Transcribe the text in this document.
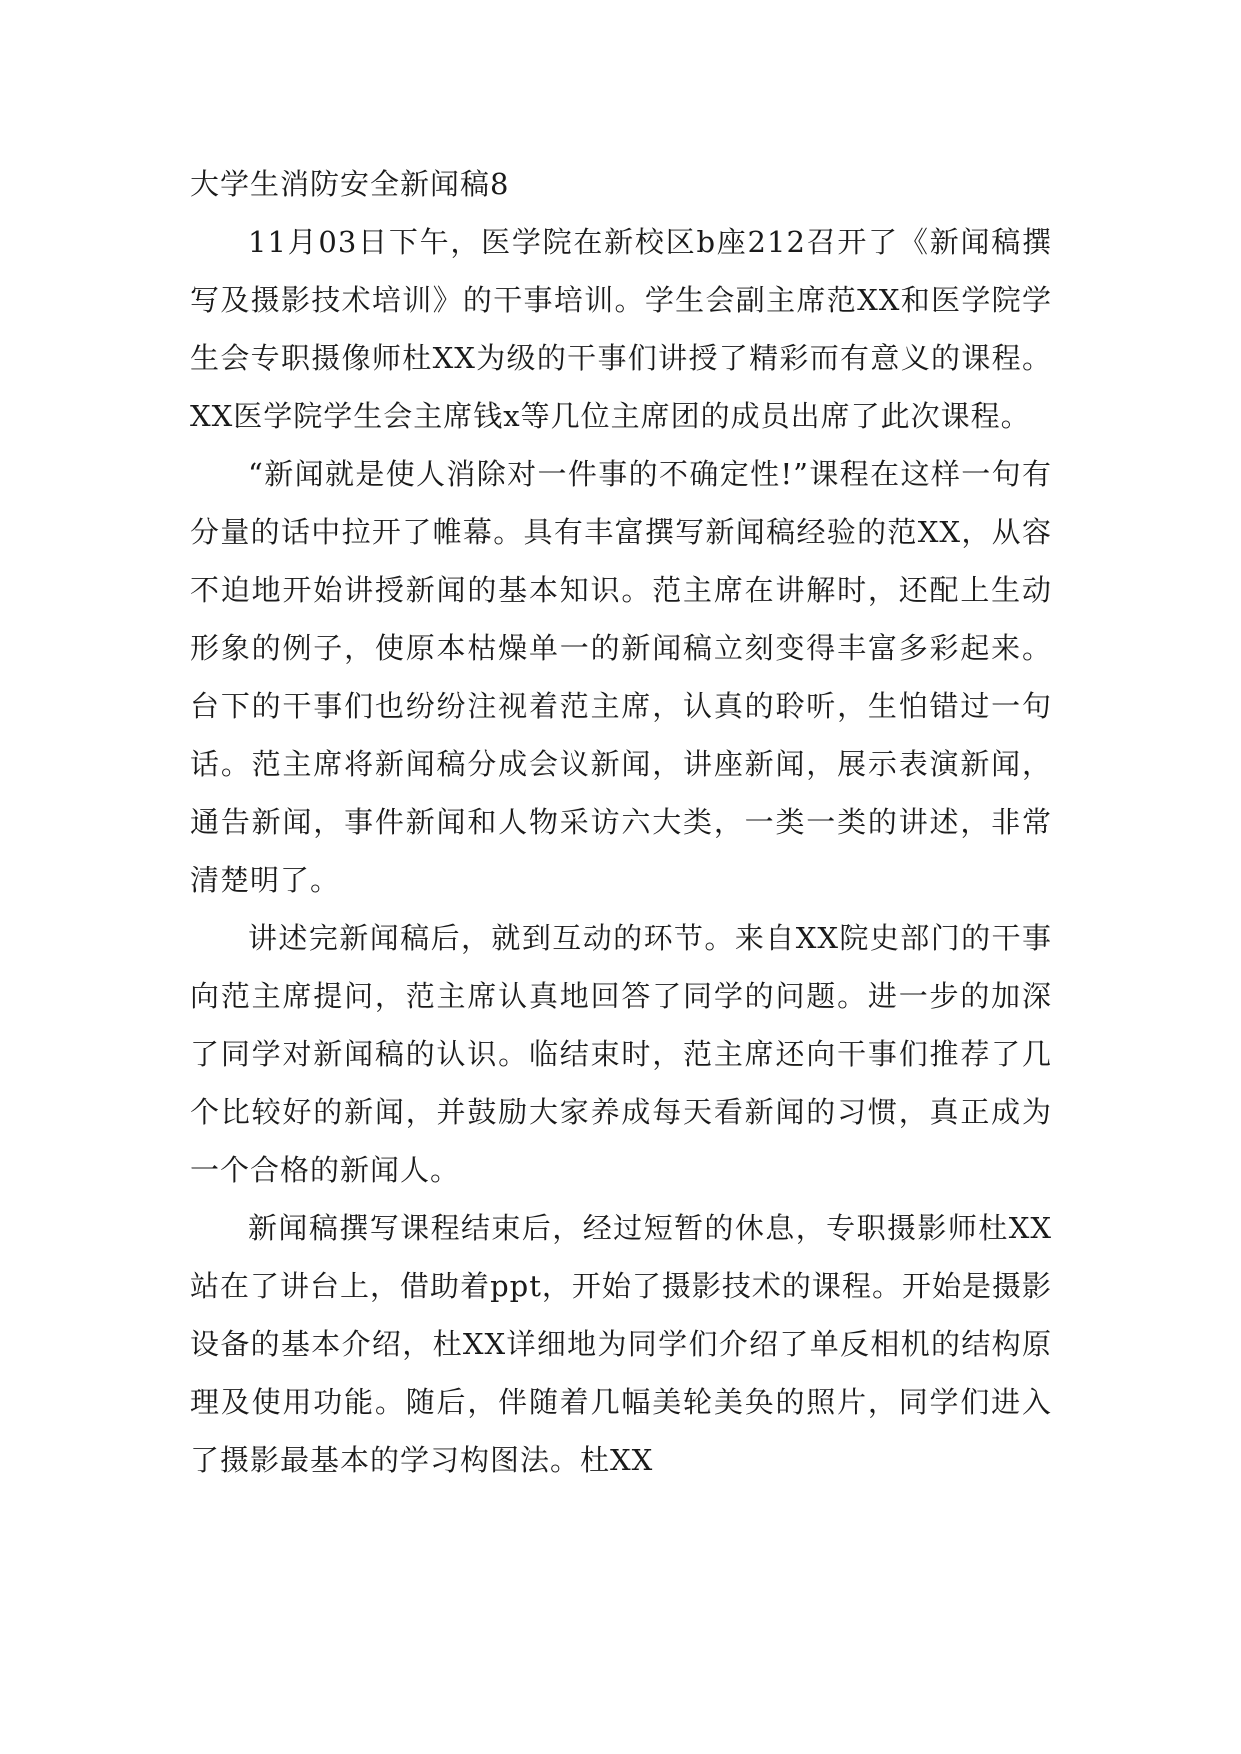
大学生消防安全新闻稿8

11月03日下午，医学院在新校区b座212召开了《新闻稿撰写及摄影技术培训》的干事培训。学生会副主席范XX和医学院学生会专职摄像师杜XX为级的干事们讲授了精彩而有意义的课程。XX医学院学生会主席钱x等几位主席团的成员出席了此次课程。

“新闻就是使人消除对一件事的不确定性!”课程在这样一句有分量的话中拉开了帷幕。具有丰富撰写新闻稿经验的范XX，从容不迫地开始讲授新闻的基本知识。范主席在讲解时，还配上生动形象的例子，使原本枯燥单一的新闻稿立刻变得丰富多彩起来。台下的干事们也纷纷注视着范主席，认真的聆听，生怕错过一句话。范主席将新闻稿分成会议新闻，讲座新闻，展示表演新闻，通告新闻，事件新闻和人物采访六大类，一类一类的讲述，非常清楚明了。

讲述完新闻稿后，就到互动的环节。来自XX院史部门的干事向范主席提问，范主席认真地回答了同学的问题。进一步的加深了同学对新闻稿的认识。临结束时，范主席还向干事们推荐了几个比较好的新闻，并鼓励大家养成每天看新闻的习惯，真正成为一个合格的新闻人。

新闻稿撰写课程结束后，经过短暂的休息，专职摄影师杜XX站在了讲台上，借助着ppt，开始了摄影技术的课程。开始是摄影设备的基本介绍，杜XX详细地为同学们介绍了单反相机的结构原理及使用功能。随后，伴随着几幅美轮美奂的照片，同学们进入了摄影最基本的学习构图法。杜XX
